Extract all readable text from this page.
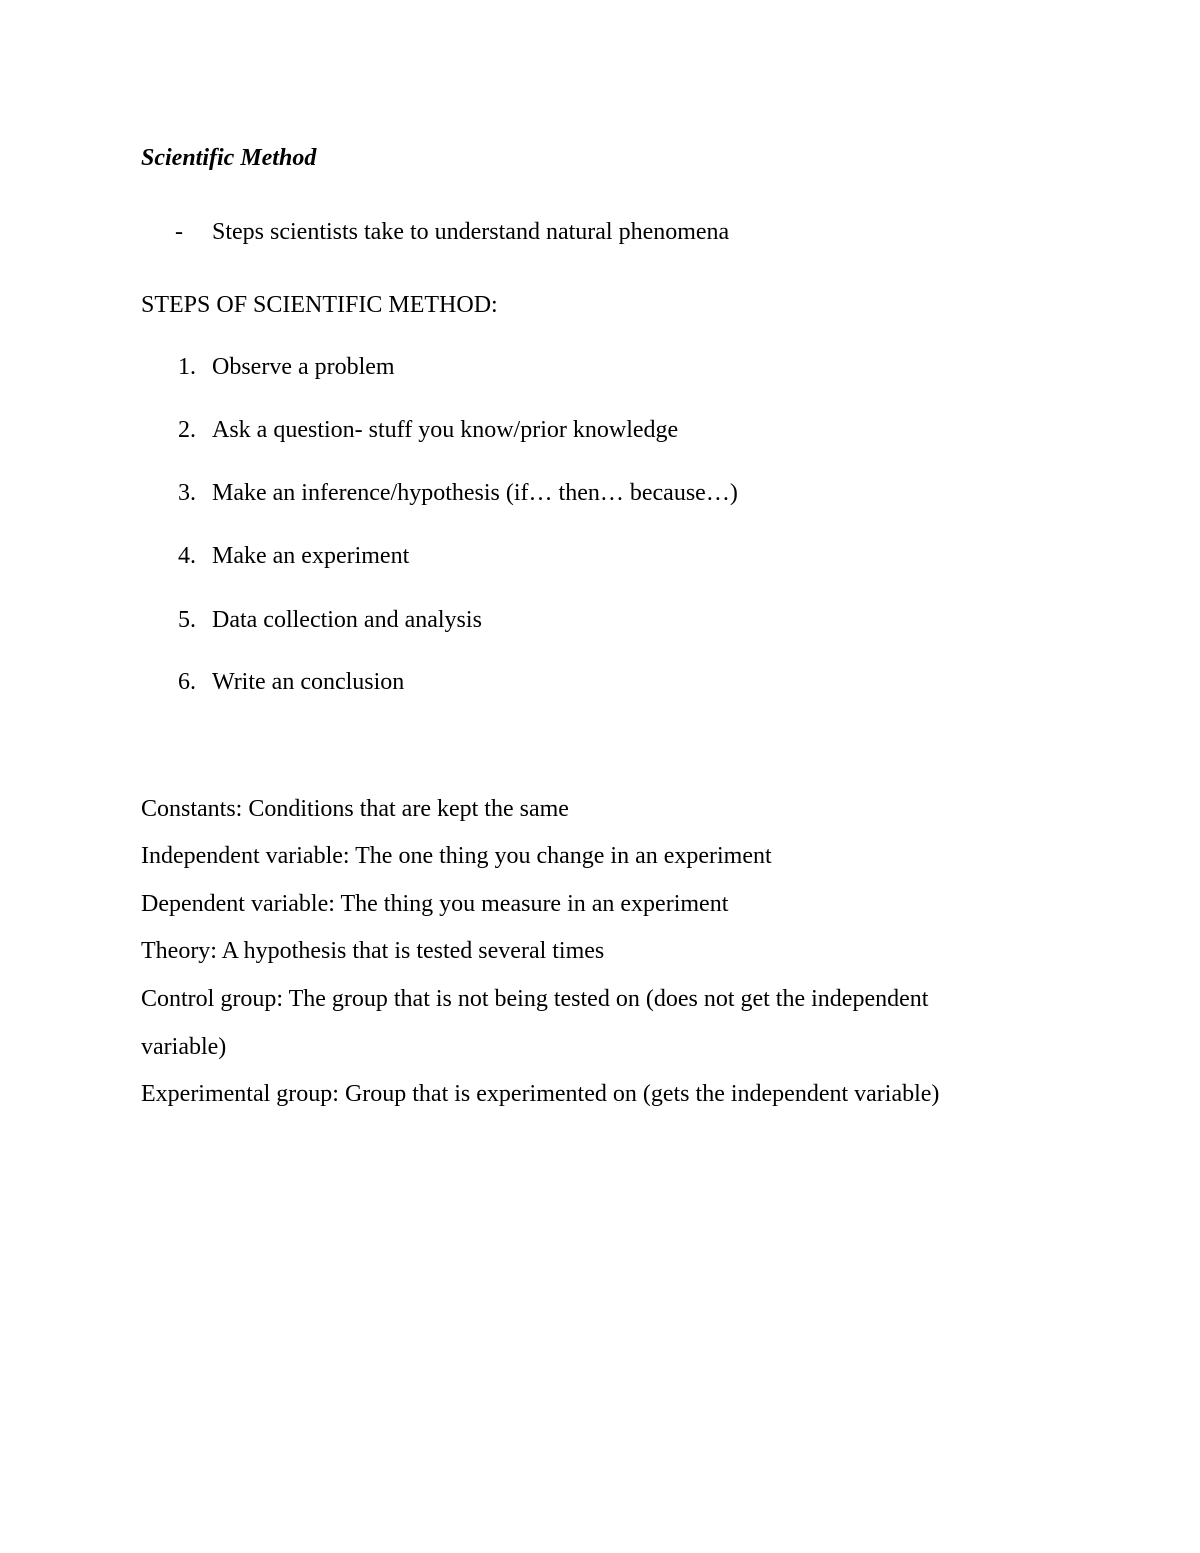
Scientific Method

- Steps scientists take to understand natural phenomena

STEPS OF SCIENTIFIC METHOD:

1. Observe a problem

2. Ask a question- stuff you know/prior knowledge

3. Make an inference/hypothesis (if… then… because…)

4. Make an experiment

5. Data collection and analysis

6. Write an conclusion

Constants: Conditions that are kept the same

Independent variable: The one thing you change in an experiment

Dependent variable: The thing you measure in an experiment

Theory: A hypothesis that is tested several times

Control group: The group that is not being tested on (does not get the independent

variable)

Experimental group: Group that is experimented on (gets the independent variable)
